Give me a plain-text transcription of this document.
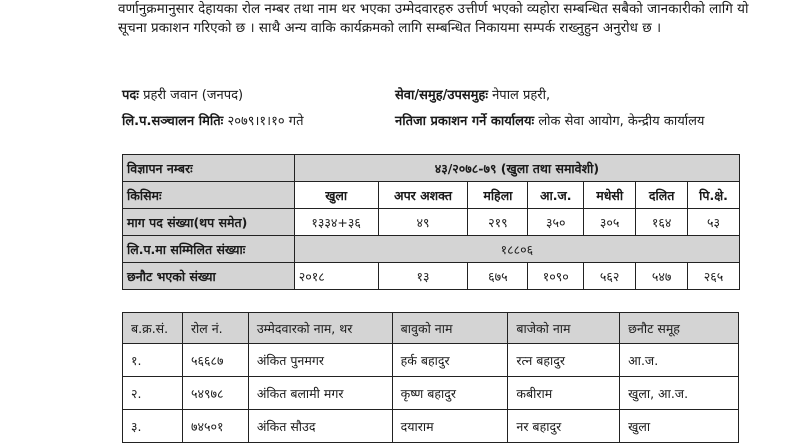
वर्णानुक्रमानुसार देहायका रोल नम्बर तथा नाम थर भएका उम्मेदवारहरु उत्तीर्ण भएको व्यहोरा सम्बन्धित सबैको जानकारीको लागि यो सूचना प्रकाशन गरिएको छ । साथै अन्य वाकि कार्यक्रमको लागि सम्बन्धित निकायमा सम्पर्क राख्नुहुन अनुरोध छ ।

पदः प्रहरी जवान (जनपद)	सेवा/समुह/उपसमुहः नेपाल प्रहरी,
लि.प.सञ्चालन मितिः २०७९।१।१० गते	नतिजा प्रकाशन गर्ने कार्यालयः लोक सेवा आयोग, केन्द्रीय कार्यालय
विज्ञापन नम्बरः	४३/२०७८-७९ (खुला तथा समावेशी)						
किसिमः	खुला	अपर अशक्त	महिला	आ.ज.	मधेसी	दलित	पि.क्षे.
माग पद संख्या(थप समेत)	१३३४+३६	४९	२१९	३५०	३०५	१६४	५३
लि.प.मा सम्मिलित संख्याः	१८८०६						
छनौट भएको संख्या	२०१८	१३	६७५	१०९०	५६२	५४७	२६५
ब.क्र.सं.	रोल नं.	उम्मेदवारको नाम, थर	बावुको नाम	बाजेको नाम	छनौट समूह
१.	५६६८७	अंकित पुनमगर	हर्क बहादुर	रत्न बहादुर	आ.ज.
२.	५४९७८	अंकित बलामी मगर	कृष्ण बहादुर	कबीराम	खुला, आ.ज.
३.	७४५०१	अंकित सौउद	दयाराम	नर बहादुर	खुला
